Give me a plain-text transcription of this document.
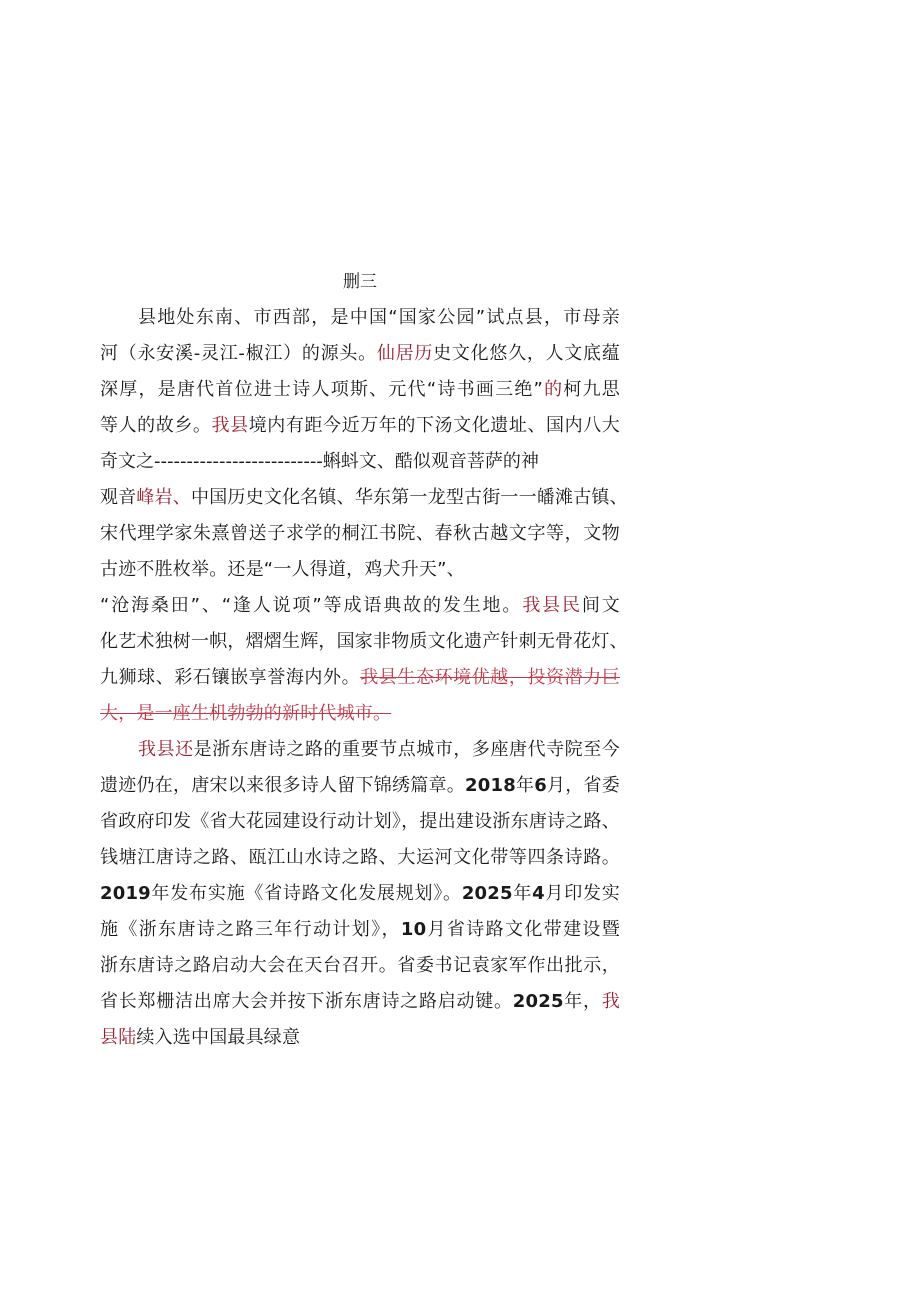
删三
县地处东南、市西部，是中国“国家公园”试点县，市母亲
河（永安溪-灵江-椒江）的源头。仙居历史文化悠久，人文底蕴
深厚，是唐代首位进士诗人项斯、元代“诗书画三绝”的柯九思
等人的故乡。我县境内有距今近万年的下汤文化遗址、国内八大
奇文之--------------------------蝌蚪文、酷似观音菩萨的神
观音峰岩、中国历史文化名镇、华东第一龙型古街一一皤滩古镇、
宋代理学家朱熹曾送子求学的桐江书院、春秋古越文字等，文物
古迹不胜枚举。还是“一人得道，鸡犬升天”、
“沧海桑田”、“逢人说项”等成语典故的发生地。我县民间文
化艺术独树一帜，熠熠生辉，国家非物质文化遗产针刺无骨花灯、
九狮球、彩石镶嵌享誉海内外。我县生态环境优越，投资潜力巨
大，是一座生机勃勃的新时代城市。
我县还是浙东唐诗之路的重要节点城市，多座唐代寺院至今
遗迹仍在，唐宋以来很多诗人留下锦绣篇章。2018年6月，省委
省政府印发《省大花园建设行动计划》，提出建设浙东唐诗之路、
钱塘江唐诗之路、瓯江山水诗之路、大运河文化带等四条诗路。
2019年发布实施《省诗路文化发展规划》。2025年4月印发实
施《浙东唐诗之路三年行动计划》，10月省诗路文化带建设暨
浙东唐诗之路启动大会在天台召开。省委书记袁家军作出批示，
省长郑栅洁出席大会并按下浙东唐诗之路启动键。2025年，我
县陆续入选中国最具绿意
